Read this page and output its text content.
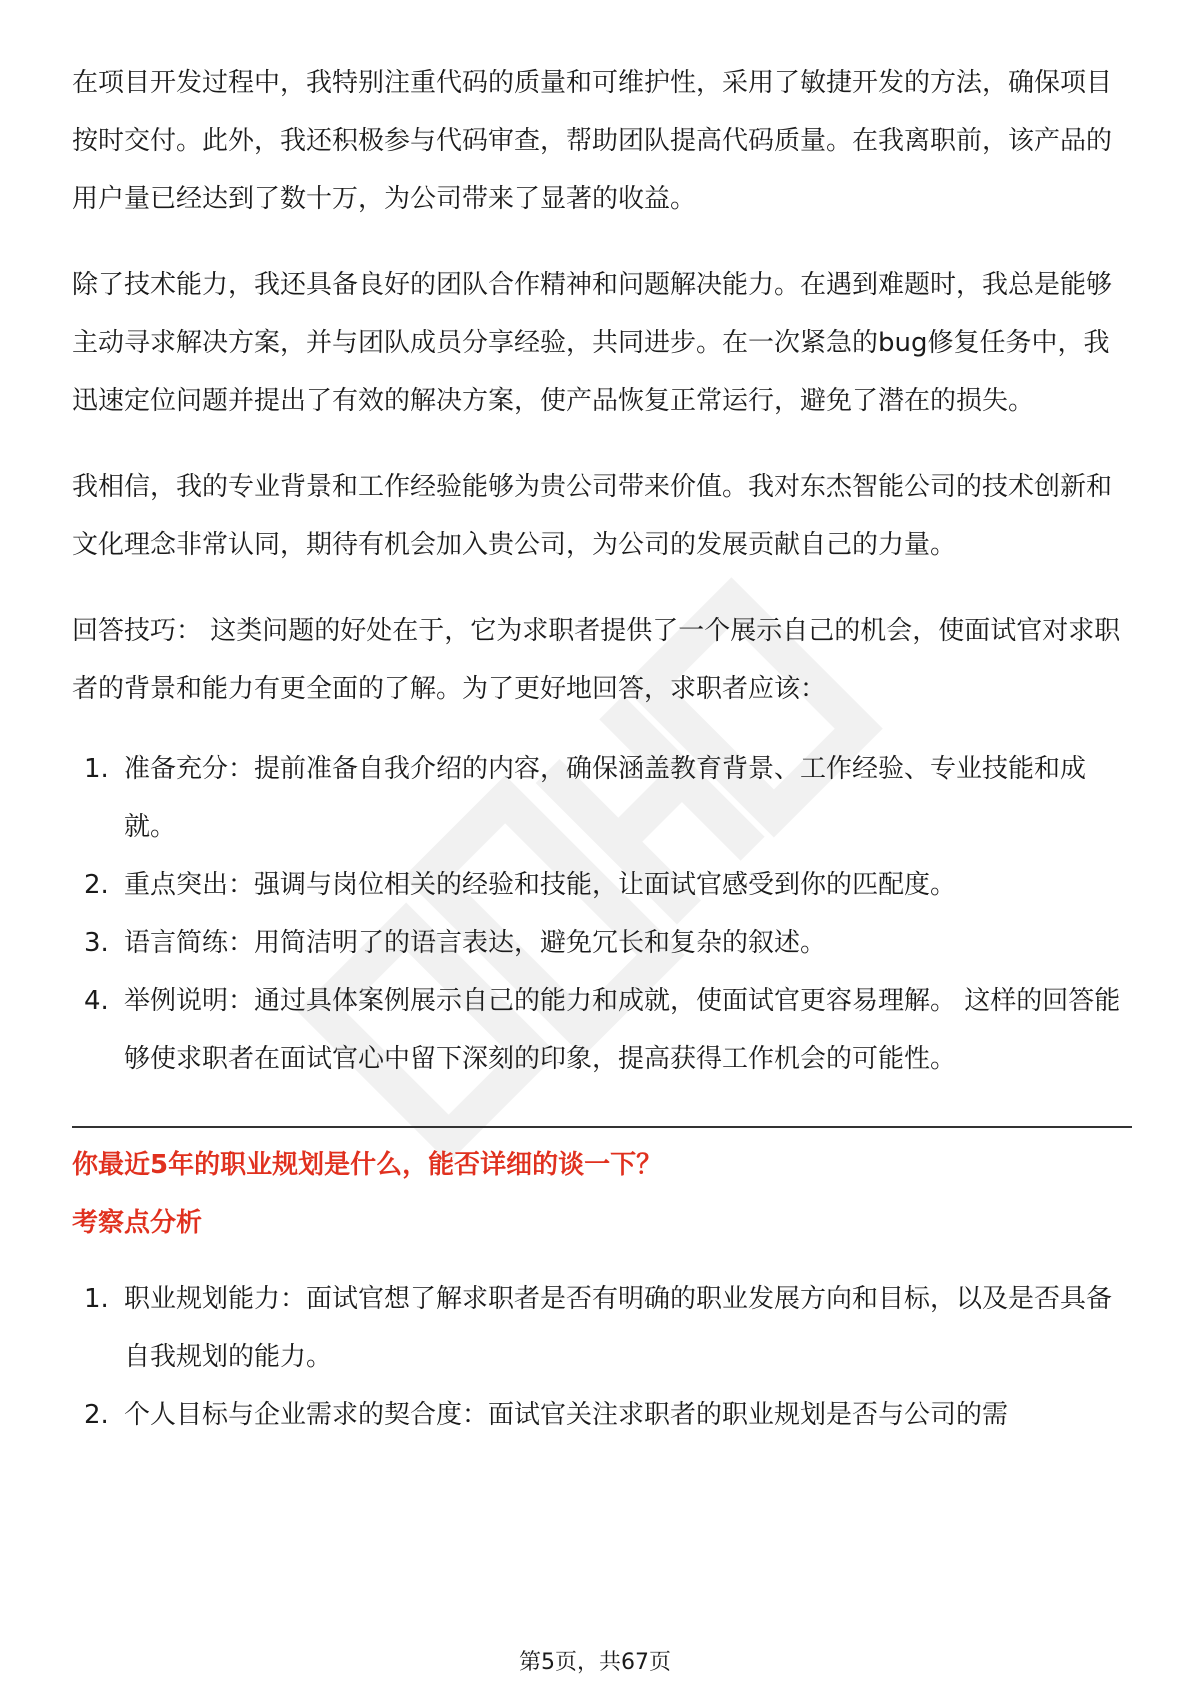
在项目开发过程中，我特别注重代码的质量和可维护性，采用了敏捷开发的方法，确保项目按时交付。此外，我还积极参与代码审查，帮助团队提高代码质量。在我离职前，该产品的用户量已经达到了数十万，为公司带来了显著的收益。

除了技术能力，我还具备良好的团队合作精神和问题解决能力。在遇到难题时，我总是能够主动寻求解决方案，并与团队成员分享经验，共同进步。在一次紧急的bug修复任务中，我迅速定位问题并提出了有效的解决方案，使产品恢复正常运行，避免了潜在的损失。

我相信，我的专业背景和工作经验能够为贵公司带来价值。我对东杰智能公司的技术创新和文化理念非常认同，期待有机会加入贵公司，为公司的发展贡献自己的力量。

回答技巧： 这类问题的好处在于，它为求职者提供了一个展示自己的机会，使面试官对求职者的背景和能力有更全面的了解。为了更好地回答，求职者应该：

1. 准备充分：提前准备自我介绍的内容，确保涵盖教育背景、工作经验、专业技能和成就。
2. 重点突出：强调与岗位相关的经验和技能，让面试官感受到你的匹配度。
3. 语言简练：用简洁明了的语言表达，避免冗长和复杂的叙述。
4. 举例说明：通过具体案例展示自己的能力和成就，使面试官更容易理解。 这样的回答能够使求职者在面试官心中留下深刻的印象，提高获得工作机会的可能性。

你最近5年的职业规划是什么，能否详细的谈一下？

考察点分析

1. 职业规划能力：面试官想了解求职者是否有明确的职业发展方向和目标，以及是否具备自我规划的能力。
2. 个人目标与企业需求的契合度：面试官关注求职者的职业规划是否与公司的需
第5页，共67页
